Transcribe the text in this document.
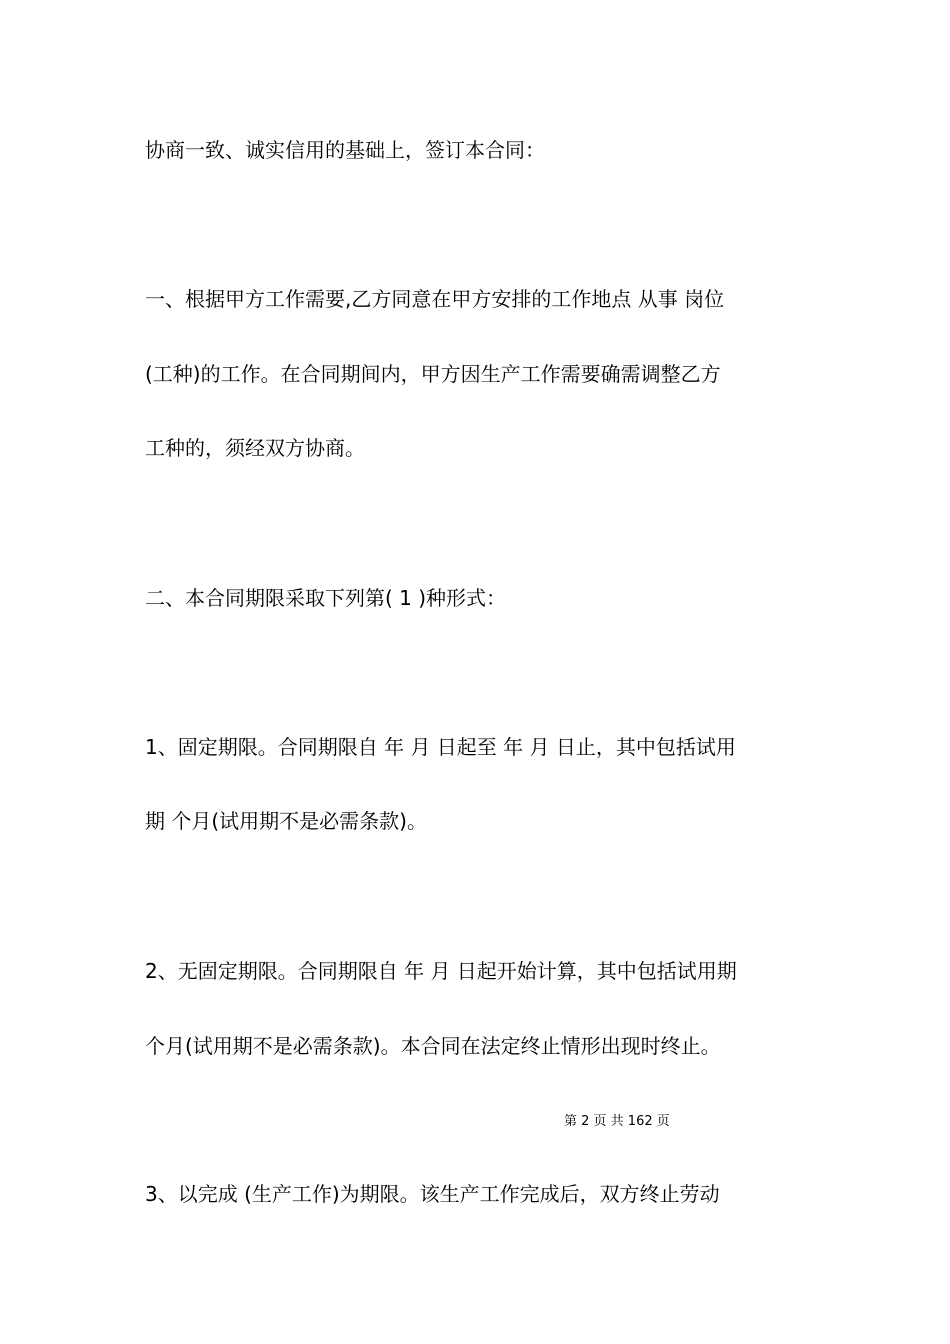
协商一致、诚实信用的基础上，签订本合同：
一、根据甲方工作需要,乙方同意在甲方安排的工作地点 从事 岗位
(工种)的工作。在合同期间内，甲方因生产工作需要确需调整乙方
工种的，须经双方协商。
二、本合同期限采取下列第( 1 )种形式：
1、固定期限。合同期限自 年 月 日起至 年 月 日止，其中包括试用
期 个月(试用期不是必需条款)。
2、无固定期限。合同期限自 年 月 日起开始计算，其中包括试用期
个月(试用期不是必需条款)。本合同在法定终止情形出现时终止。
第 2 页 共 162 页
3、以完成 (生产工作)为期限。该生产工作完成后，双方终止劳动
